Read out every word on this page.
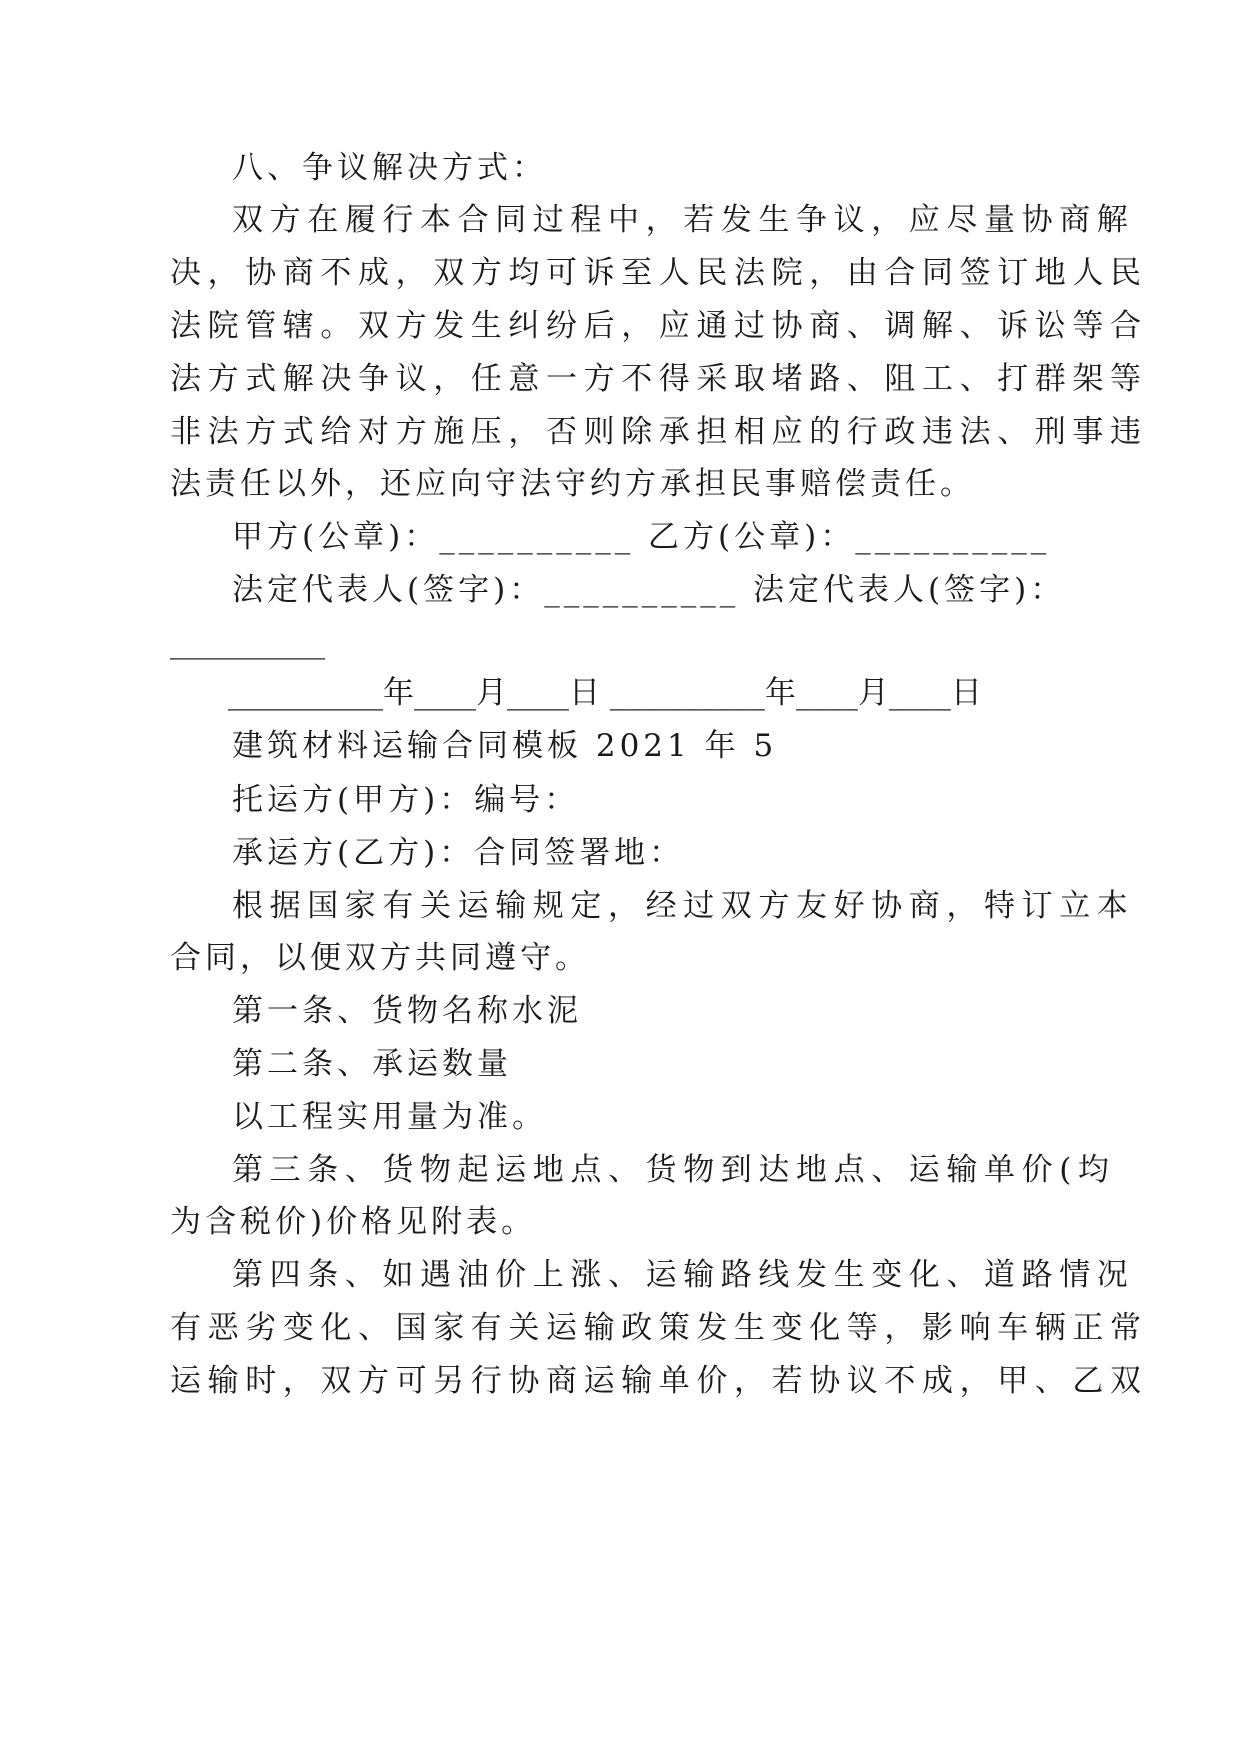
八、争议解决方式：
双方在履行本合同过程中，若发生争议，应尽量协商解
决，协商不成，双方均可诉至人民法院，由合同签订地人民
法院管辖。双方发生纠纷后，应通过协商、调解、诉讼等合
法方式解决争议，任意一方不得采取堵路、阻工、打群架等
非法方式给对方施压，否则除承担相应的行政违法、刑事违
法责任以外，还应向守法守约方承担民事赔偿责任。
甲方(公章)：__________ 乙方(公章)：__________
法定代表人(签字)：__________ 法定代表人(签字)：
__________
__________年____月____日 __________年____月____日
建筑材料运输合同模板 2021 年 5
托运方(甲方)：编号：
承运方(乙方)：合同签署地：
根据国家有关运输规定，经过双方友好协商，特订立本
合同，以便双方共同遵守。
第一条、货物名称水泥
第二条、承运数量
以工程实用量为准。
第三条、货物起运地点、货物到达地点、运输单价(均
为含税价)价格见附表。
第四条、如遇油价上涨、运输路线发生变化、道路情况
有恶劣变化、国家有关运输政策发生变化等，影响车辆正常
运输时，双方可另行协商运输单价，若协议不成，甲、乙双
